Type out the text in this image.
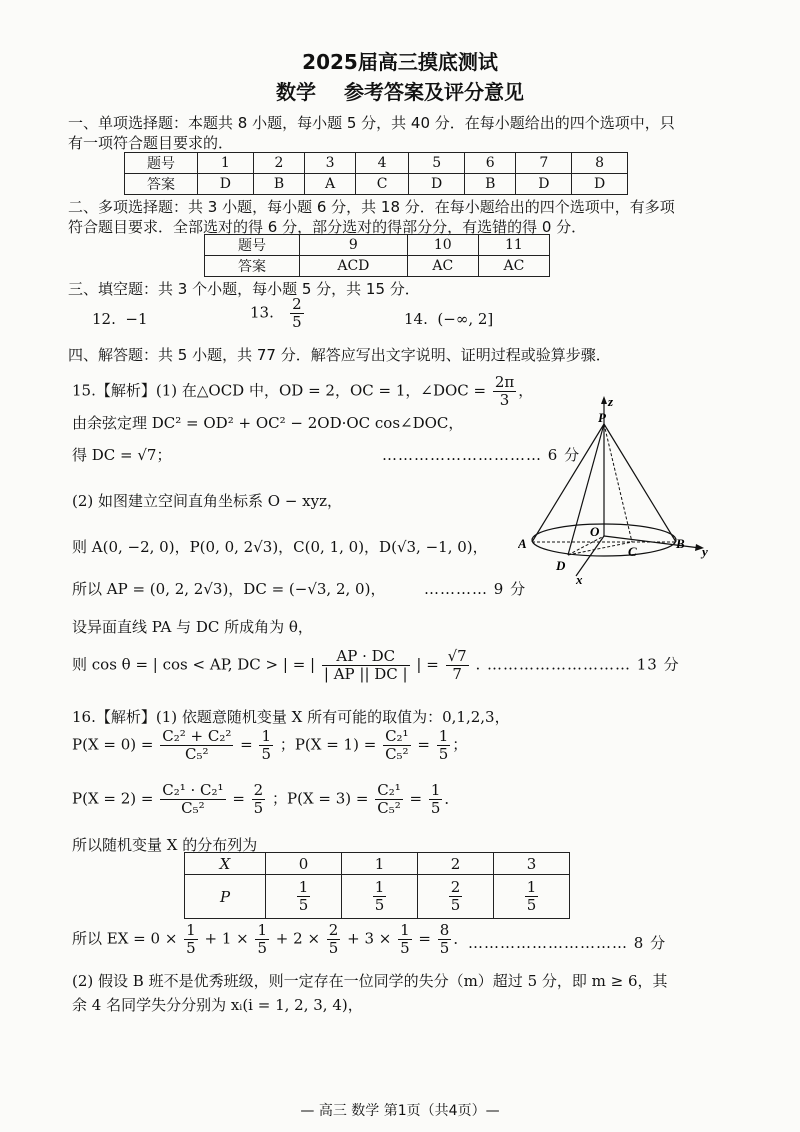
2025届高三摸底测试
数学 参考答案及评分意见
一、单项选择题：本题共 8 小题，每小题 5 分，共 40 分．在每小题给出的四个选项中，只
有一项符合题目要求的．
题号	1	2	3	4	5	6	7	8
答案	D	B	A	C	D	B	D	D
二、多项选择题：共 3 小题，每小题 6 分，共 18 分．在每小题给出的四个选项中，有多项
符合题目要求．全部选对的得 6 分，部分选对的得部分分，有选错的得 0 分．
题号	9	10	11
答案	ACD	AC	AC
三、填空题：共 3 个小题，每小题 5 分，共 15 分．
12. −1	13. $\frac{2}{5}$	14. (−∞, 2]
四、解答题：共 5 小题，共 77 分．解答应写出文字说明、证明过程或验算步骤．
15.【解析】(1) 在△OCD 中，OD = 2，OC = 1，∠DOC = $\frac{2\pi}{3}$ ，
由余弦定理 DC² = OD² + OC² − 2OD·OC cos∠DOC，
得 DC = √7；	………………………… 6 分
(2) 如图建立空间直角坐标系 O − xyz，
则 A(0, −2, 0)，P(0, 0, 2√3)，C(0, 1, 0)，D(√3, −1, 0)，
所以 AP = (0, 2, 2√3)，DC = (−√3, 2, 0)，	………… 9 分
设异面直线 PA 与 DC 所成角为 θ，
则 cos θ = | cos < AP, DC > | = | $\frac{AP \cdot DC}{| AP || DC |}$ | = $\frac{√7}{7}$ . ……………………… 13 分
z
P
O
A
C
B
y
D
x
16.【解析】(1) 依题意随机变量 X 所有可能的取值为：0,1,2,3，
$P(X = 0) = \frac{\text{C₂² + C₂²}}{\text{C₅²}} = \frac{1}{5}$ ；$P(X = 1) = \frac{\text{C₂¹}}{\text{C₅²}} = \frac{1}{5}$ ；
$P(X = 2) = \frac{\text{C₂¹ · C₂¹}}{\text{C₅²}} = \frac{2}{5}$ ；$P(X = 3) = \frac{\text{C₂¹}}{\text{C₅²}} = \frac{1}{5}$ ．
所以随机变量 X 的分布列为
X	0	1	2	3
P	$\frac{1}{5}$	$\frac{1}{5}$	$\frac{2}{5}$	$\frac{1}{5}$
所以 EX = $0 \times \frac{1}{5} + 1 \times \frac{1}{5} + 2 \times \frac{2}{5} + 3 \times \frac{1}{5} = \frac{8}{5}$ ． ………………………… 8 分
(2) 假设 B 班不是优秀班级，则一定存在一位同学的失分（m）超过 5 分，即 m ≥ 6，其
余 4 名同学失分分别为 xᵢ(i = 1, 2, 3, 4)，
— 高三 数学 第1页（共4页）—
